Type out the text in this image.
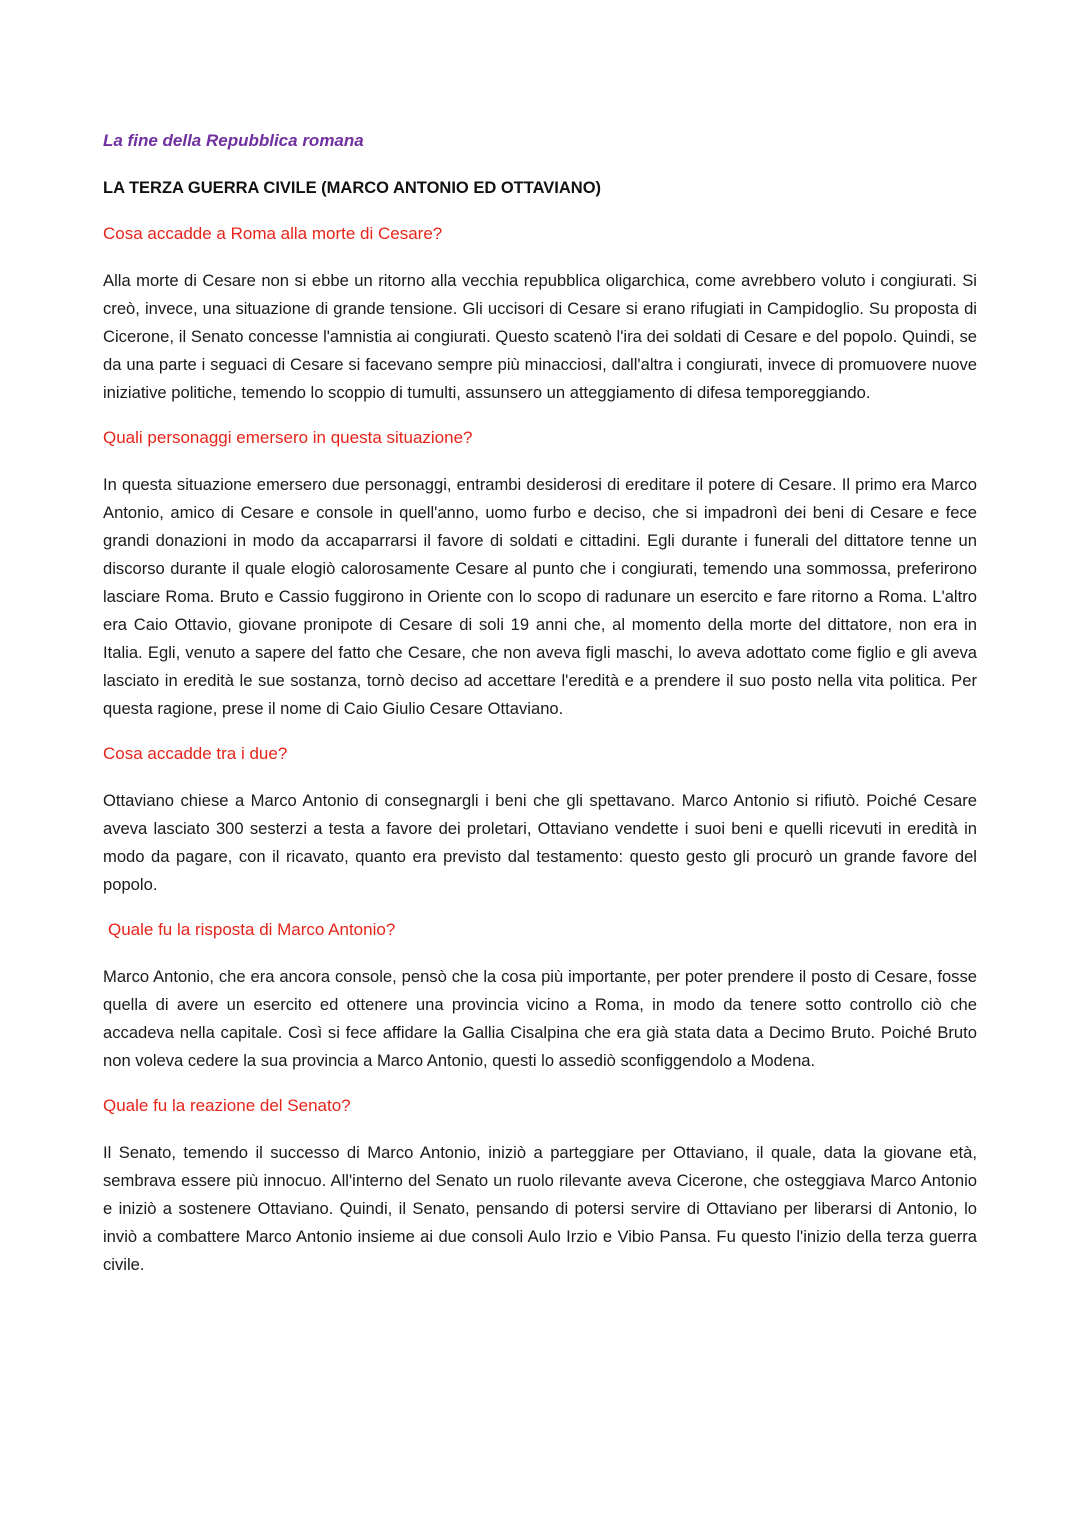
La fine della Repubblica romana

LA TERZA GUERRA CIVILE (MARCO ANTONIO ED OTTAVIANO)

Cosa accadde a Roma alla morte di Cesare?

Alla morte di Cesare non si ebbe un ritorno alla vecchia repubblica oligarchica, come avrebbero voluto i congiurati. Si creò, invece, una situazione di grande tensione. Gli uccisori di Cesare si erano rifugiati in Campidoglio. Su proposta di Cicerone, il Senato concesse l'amnistia ai congiurati. Questo scatenò l'ira dei soldati di Cesare e del popolo. Quindi, se da una parte i seguaci di Cesare si facevano sempre più minacciosi, dall'altra i congiurati, invece di promuovere nuove iniziative politiche, temendo lo scoppio di tumulti, assunsero un atteggiamento di difesa temporeggiando.

Quali personaggi emersero in questa situazione?

In questa situazione emersero due personaggi, entrambi desiderosi di ereditare il potere di Cesare. Il primo era Marco Antonio, amico di Cesare e console in quell'anno, uomo furbo e deciso, che si impadronì dei beni di Cesare e fece grandi donazioni in modo da accaparrarsi il favore di soldati e cittadini. Egli durante i funerali del dittatore tenne un discorso durante il quale elogiò calorosamente Cesare al punto che i congiurati, temendo una sommossa, preferirono lasciare Roma. Bruto e Cassio fuggirono in Oriente con lo scopo di radunare un esercito e fare ritorno a Roma. L'altro era Caio Ottavio, giovane pronipote di Cesare di soli 19 anni che, al momento della morte del dittatore, non era in Italia. Egli, venuto a sapere del fatto che Cesare, che non aveva figli maschi, lo aveva adottato come figlio e gli aveva lasciato in eredità le sue sostanza, tornò deciso ad accettare l'eredità e a prendere il suo posto nella vita politica. Per questa ragione, prese il nome di Caio Giulio Cesare Ottaviano.

Cosa accadde tra i due?

Ottaviano chiese a Marco Antonio di consegnargli i beni che gli spettavano. Marco Antonio si rifiutò. Poiché Cesare aveva lasciato 300 sesterzi a testa a favore dei proletari, Ottaviano vendette i suoi beni e quelli ricevuti in eredità in modo da pagare, con il ricavato, quanto era previsto dal testamento: questo gesto gli procurò un grande favore del popolo.

Quale fu la risposta di Marco Antonio?

Marco Antonio, che era ancora console, pensò che la cosa più importante, per poter prendere il posto di Cesare, fosse quella di avere un esercito ed ottenere una provincia vicino a Roma, in modo da tenere sotto controllo ciò che accadeva nella capitale. Così si fece affidare la Gallia Cisalpina che era già stata data a Decimo Bruto. Poiché Bruto non voleva cedere la sua provincia a Marco Antonio, questi lo assediò sconfiggendolo a Modena.

Quale fu la reazione del Senato?

Il Senato, temendo il successo di Marco Antonio, iniziò a parteggiare per Ottaviano, il quale, data la giovane età, sembrava essere più innocuo. All'interno del Senato un ruolo rilevante aveva Cicerone, che osteggiava Marco Antonio e iniziò a sostenere Ottaviano. Quindi, il Senato, pensando di potersi servire di Ottaviano per liberarsi di Antonio, lo inviò a combattere Marco Antonio insieme ai due consoli Aulo Irzio e Vibio Pansa. Fu questo l'inizio della terza guerra civile.
